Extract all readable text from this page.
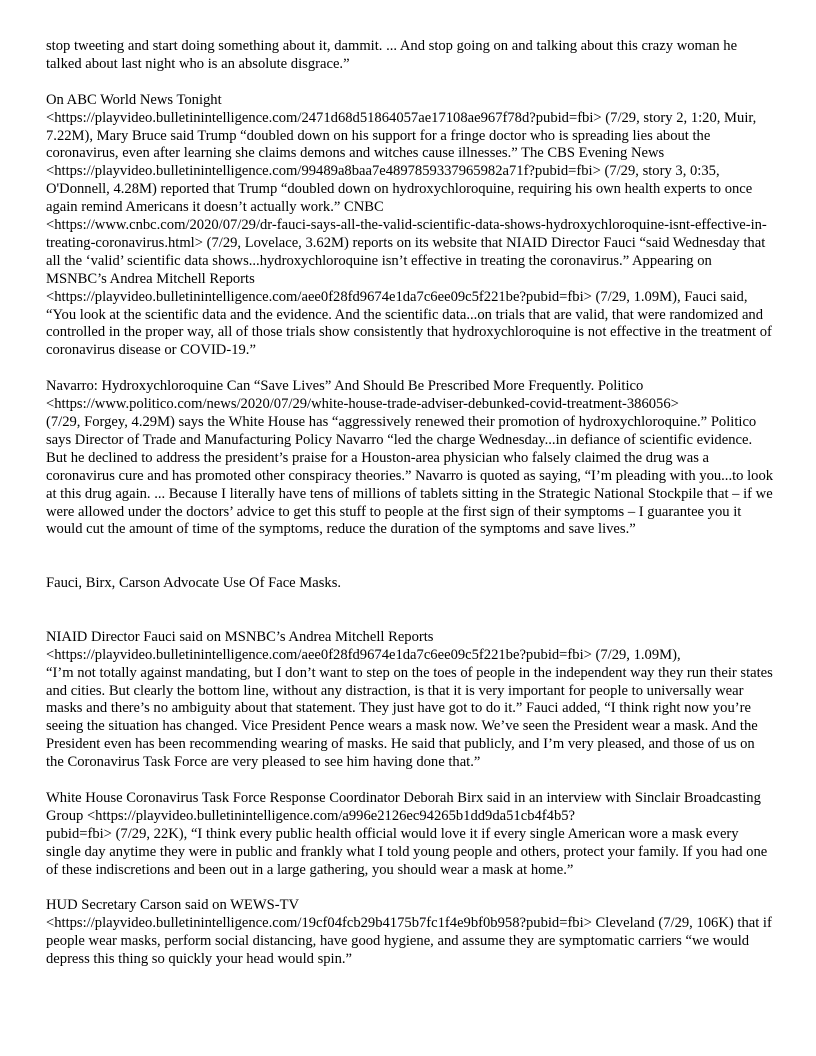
stop tweeting and start doing something about it, dammit. ... And stop going on and talking about this crazy woman he talked about last night who is an absolute disgrace.”

On ABC World News Tonight
<https://playvideo.bulletinintelligence.com/2471d68d51864057ae17108ae967f78d?pubid=fbi> (7/29, story 2, 1:20, Muir, 7.22M), Mary Bruce said Trump “doubled down on his support for a fringe doctor who is spreading lies about the coronavirus, even after learning she claims demons and witches cause illnesses.” The CBS Evening News <https://playvideo.bulletinintelligence.com/99489a8baa7e4897859337965982a71f?pubid=fbi> (7/29, story 3, 0:35, O'Donnell, 4.28M) reported that Trump “doubled down on hydroxychloroquine, requiring his own health experts to once again remind Americans it doesn’t actually work.” CNBC
<https://www.cnbc.com/2020/07/29/dr-fauci-says-all-the-valid-scientific-data-shows-hydroxychloroquine-isnt-effective-in-treating-coronavirus.html> (7/29, Lovelace, 3.62M) reports on its website that NIAID Director Fauci “said Wednesday that all the ‘valid’ scientific data shows...hydroxychloroquine isn’t effective in treating the coronavirus.” Appearing on MSNBC’s Andrea Mitchell Reports
<https://playvideo.bulletinintelligence.com/aee0f28fd9674e1da7c6ee09c5f221be?pubid=fbi> (7/29, 1.09M), Fauci said, “You look at the scientific data and the evidence. And the scientific data...on trials that are valid, that were randomized and controlled in the proper way, all of those trials show consistently that hydroxychloroquine is not effective in the treatment of coronavirus disease or COVID-19.”

Navarro: Hydroxychloroquine Can “Save Lives” And Should Be Prescribed More Frequently. Politico
<https://www.politico.com/news/2020/07/29/white-house-trade-adviser-debunked-covid-treatment-386056>
(7/29, Forgey, 4.29M) says the White House has “aggressively renewed their promotion of hydroxychloroquine.” Politico says Director of Trade and Manufacturing Policy Navarro “led the charge Wednesday...in defiance of scientific evidence. But he declined to address the president’s praise for a Houston-area physician who falsely claimed the drug was a coronavirus cure and has promoted other conspiracy theories.” Navarro is quoted as saying, “I’m pleading with you...to look at this drug again. ... Because I literally have tens of millions of tablets sitting in the Strategic National Stockpile that – if we were allowed under the doctors’ advice to get this stuff to people at the first sign of their symptoms – I guarantee you it would cut the amount of time of the symptoms, reduce the duration of the symptoms and save lives.”

Fauci, Birx, Carson Advocate Use Of Face Masks.

NIAID Director Fauci said on MSNBC’s Andrea Mitchell Reports
<https://playvideo.bulletinintelligence.com/aee0f28fd9674e1da7c6ee09c5f221be?pubid=fbi> (7/29, 1.09M),
“I’m not totally against mandating, but I don’t want to step on the toes of people in the independent way they run their states and cities. But clearly the bottom line, without any distraction, is that it is very important for people to universally wear masks and there’s no ambiguity about that statement. They just have got to do it.” Fauci added, “I think right now you’re seeing the situation has changed. Vice President Pence wears a mask now. We’ve seen the President wear a mask. And the President even has been recommending wearing of masks. He said that publicly, and I’m very pleased, and those of us on the Coronavirus Task Force are very pleased to see him having done that.”

White House Coronavirus Task Force Response Coordinator Deborah Birx said in an interview with Sinclair Broadcasting Group <https://playvideo.bulletinintelligence.com/a996e2126ec94265b1dd9da51cb4f4b5?
pubid=fbi> (7/29, 22K), “I think every public health official would love it if every single American wore a mask every single day anytime they were in public and frankly what I told young people and others, protect your family. If you had one of these indiscretions and been out in a large gathering, you should wear a mask at home.”

HUD Secretary Carson said on WEWS-TV
<https://playvideo.bulletinintelligence.com/19cf04fcb29b4175b7fc1f4e9bf0b958?pubid=fbi> Cleveland (7/29, 106K) that if people wear masks, perform social distancing, have good hygiene, and assume they are symptomatic carriers “we would depress this thing so quickly your head would spin.”
